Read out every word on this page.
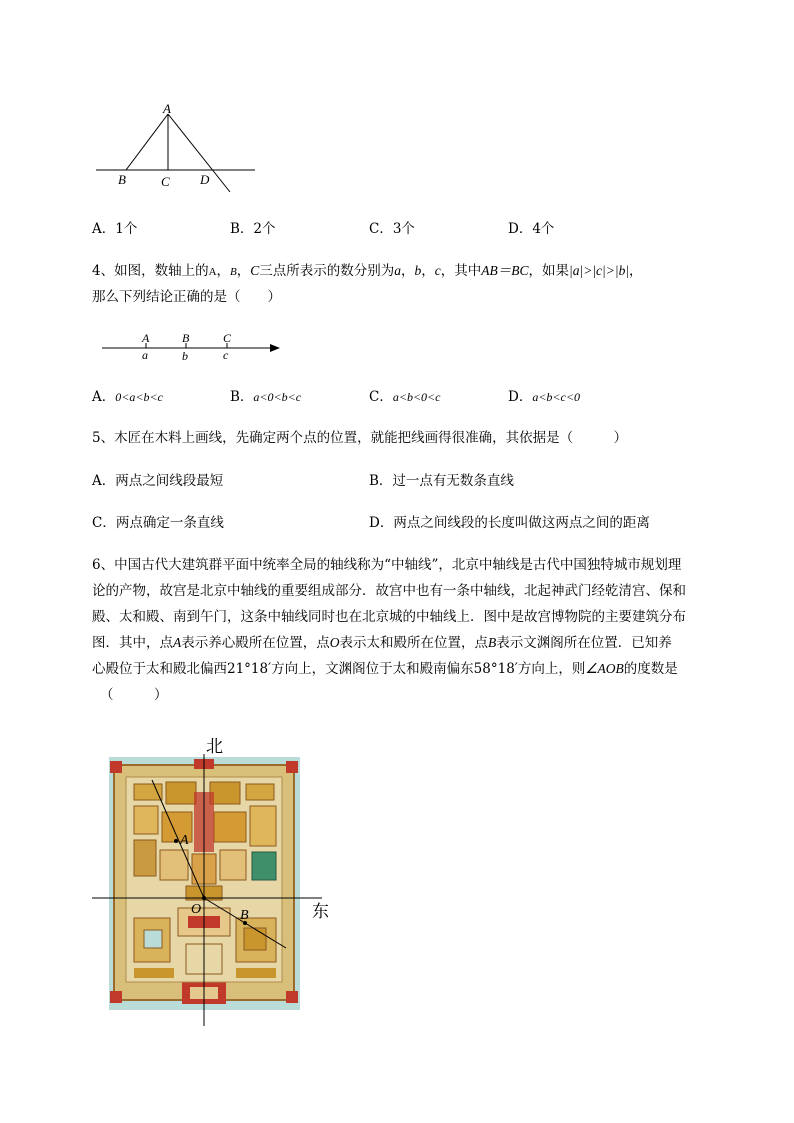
A
B	C D
A．1个	B．2个	C．3个	D．4个
4、如图，数轴上的A，B，C三点所表示的数分别为a，b，c，其中AB＝BC，如果|a|>|c|>|b|，
那么下列结论正确的是（　　）
A	B	C
a	b	c
A．0<a<b<c	B．a<0<b<c	C．a<b<0<c	D．a<b<c<0
5、木匠在木料上画线，先确定两个点的位置，就能把线画得很准确，其依据是（　　　）
A．两点之间线段最短	B．过一点有无数条直线
C．两点确定一条直线	D．两点之间线段的长度叫做这两点之间的距离
6、中国古代大建筑群平面中统率全局的轴线称为“中轴线”，北京中轴线是古代中国独特城市规划理
论的产物，故宫是北京中轴线的重要组成部分．故宫中也有一条中轴线，北起神武门经乾清宫、保和
殿、太和殿、南到午门，这条中轴线同时也在北京城的中轴线上．图中是故宫博物院的主要建筑分布
图．其中，点A表示养心殿所在位置，点O表示太和殿所在位置，点B表示文渊阁所在位置．已知养
心殿位于太和殿北偏西21°18′方向上，文渊阁位于太和殿南偏东58°18′方向上，则∠AOB的度数是
（　　　）
北
东
A
B
O
